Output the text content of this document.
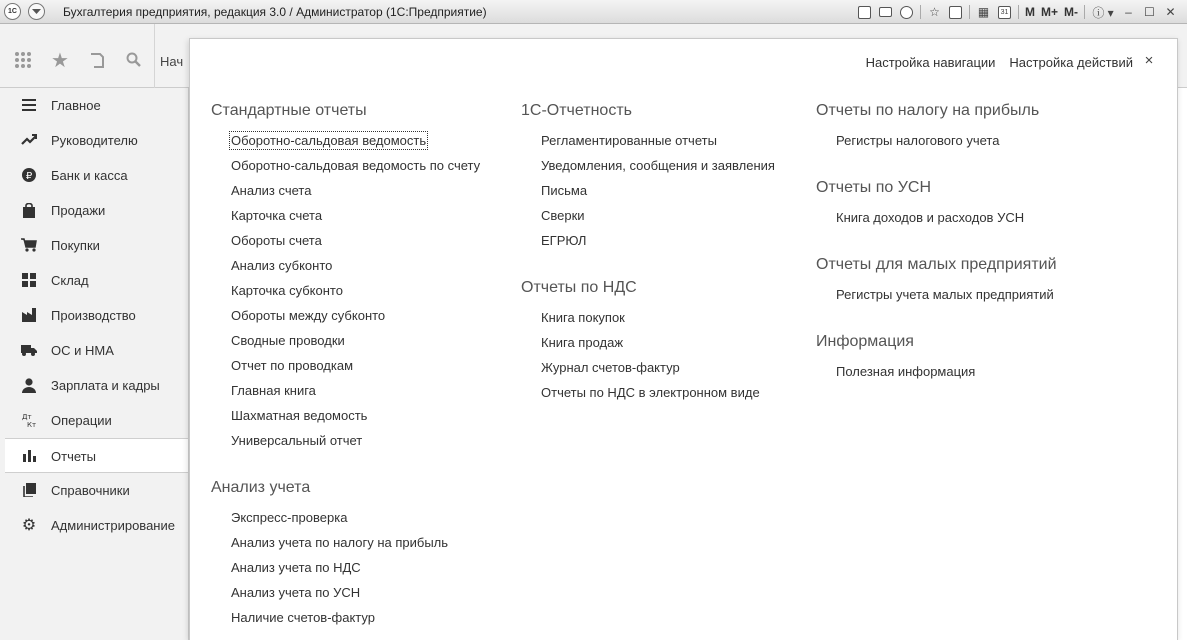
1С	Бухгалтерия предприятия, редакция 3.0 / Администратор (1С:Предприятие)	☆	▦	31 M M+ M-	ⓘ ▾ –	☐ ✕
★	Нач
Главное
Руководителю
₽ Банк и касса
Продажи
Покупки
Склад
Производство
ОС и НМА
Зарплата и кадры
Дт
Кт Операции
Отчеты
Справочники
⚙ Администрирование
Настройка навигации Настройка действий ×
Стандартные отчеты
Оборотно-сальдовая ведомость
Оборотно-сальдовая ведомость по счету
Анализ счета
Карточка счета
Обороты счета
Анализ субконто
Карточка субконто
Обороты между субконто
Сводные проводки
Отчет по проводкам
Главная книга
Шахматная ведомость
Универсальный отчет
Анализ учета
Экспресс-проверка
Анализ учета по налогу на прибыль
Анализ учета по НДС
Анализ учета по УСН
Наличие счетов-фактур
1С-Отчетность
Регламентированные отчеты
Уведомления, сообщения и заявления
Письма
Сверки
ЕГРЮЛ
Отчеты по НДС
Книга покупок
Книга продаж
Журнал счетов-фактур
Отчеты по НДС в электронном виде
Отчеты по налогу на прибыль
Регистры налогового учета
Отчеты по УСН
Книга доходов и расходов УСН
Отчеты для малых предприятий
Регистры учета малых предприятий
Информация
Полезная информация
